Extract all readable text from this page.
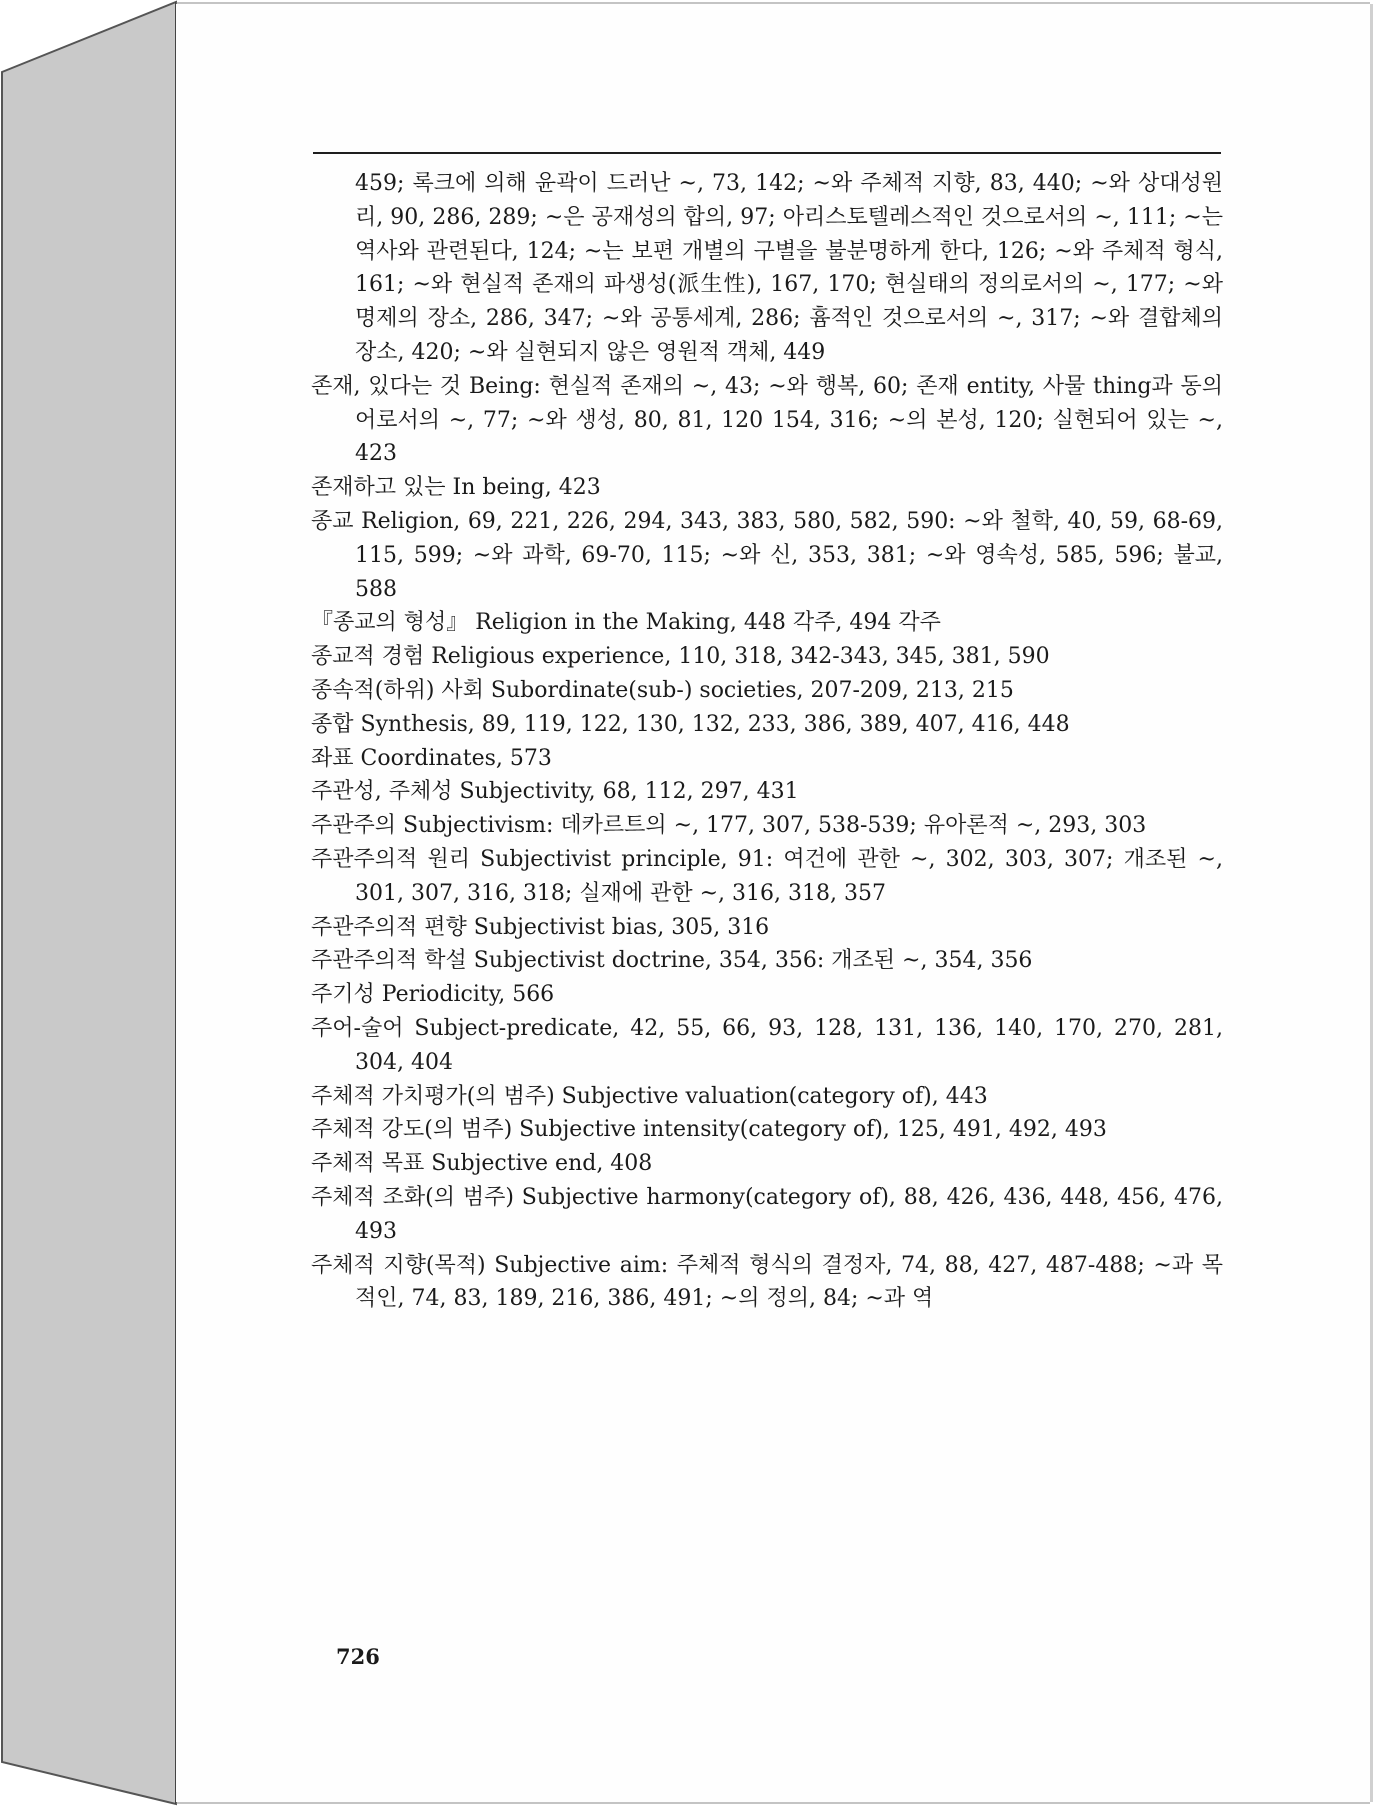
459; 록크에 의해 윤곽이 드러난 ~, 73, 142; ~와 주체적 지향, 83, 440; ~와 상대성원리, 90, 286, 289; ~은 공재성의 합의, 97; 아리스토텔레스적인 것으로서의 ~, 111; ~는 역사와 관련된다, 124; ~는 보편 개별의 구별을 불분명하게 한다, 126; ~와 주체적 형식, 161; ~와 현실적 존재의 파생성(派生性), 167, 170; 현실태의 정의로서의 ~, 177; ~와 명제의 장소, 286, 347; ~와 공통세계, 286; 흄적인 것으로서의 ~, 317; ~와 결합체의 장소, 420; ~와 실현되지 않은 영원적 객체, 449

존재, 있다는 것 Being: 현실적 존재의 ~, 43; ~와 행복, 60; 존재 entity, 사물 thing과 동의어로서의 ~, 77; ~와 생성, 80, 81, 120 154, 316; ~의 본성, 120; 실현되어 있는 ~, 423

존재하고 있는 In being, 423

종교 Religion, 69, 221, 226, 294, 343, 383, 580, 582, 590: ~와 철학, 40, 59, 68-69, 115, 599; ~와 과학, 69-70, 115; ~와 신, 353, 381; ~와 영속성, 585, 596; 불교, 588

『종교의 형성』 Religion in the Making, 448 각주, 494 각주

종교적 경험 Religious experience, 110, 318, 342-343, 345, 381, 590

종속적(하위) 사회 Subordinate(sub-) societies, 207-209, 213, 215

종합 Synthesis, 89, 119, 122, 130, 132, 233, 386, 389, 407, 416, 448

좌표 Coordinates, 573

주관성, 주체성 Subjectivity, 68, 112, 297, 431

주관주의 Subjectivism: 데카르트의 ~, 177, 307, 538-539; 유아론적 ~, 293, 303

주관주의적 원리 Subjectivist principle, 91: 여건에 관한 ~, 302, 303, 307; 개조된 ~, 301, 307, 316, 318; 실재에 관한 ~, 316, 318, 357

주관주의적 편향 Subjectivist bias, 305, 316

주관주의적 학설 Subjectivist doctrine, 354, 356: 개조된 ~, 354, 356

주기성 Periodicity, 566

주어-술어 Subject-predicate, 42, 55, 66, 93, 128, 131, 136, 140, 170, 270, 281, 304, 404

주체적 가치평가(의 범주) Subjective valuation(category of), 443

주체적 강도(의 범주) Subjective intensity(category of), 125, 491, 492, 493

주체적 목표 Subjective end, 408

주체적 조화(의 범주) Subjective harmony(category of), 88, 426, 436, 448, 456, 476, 493

주체적 지향(목적) Subjective aim: 주체적 형식의 결정자, 74, 88, 427, 487-488; ~과 목적인, 74, 83, 189, 216, 386, 491; ~의 정의, 84; ~과 역

726
